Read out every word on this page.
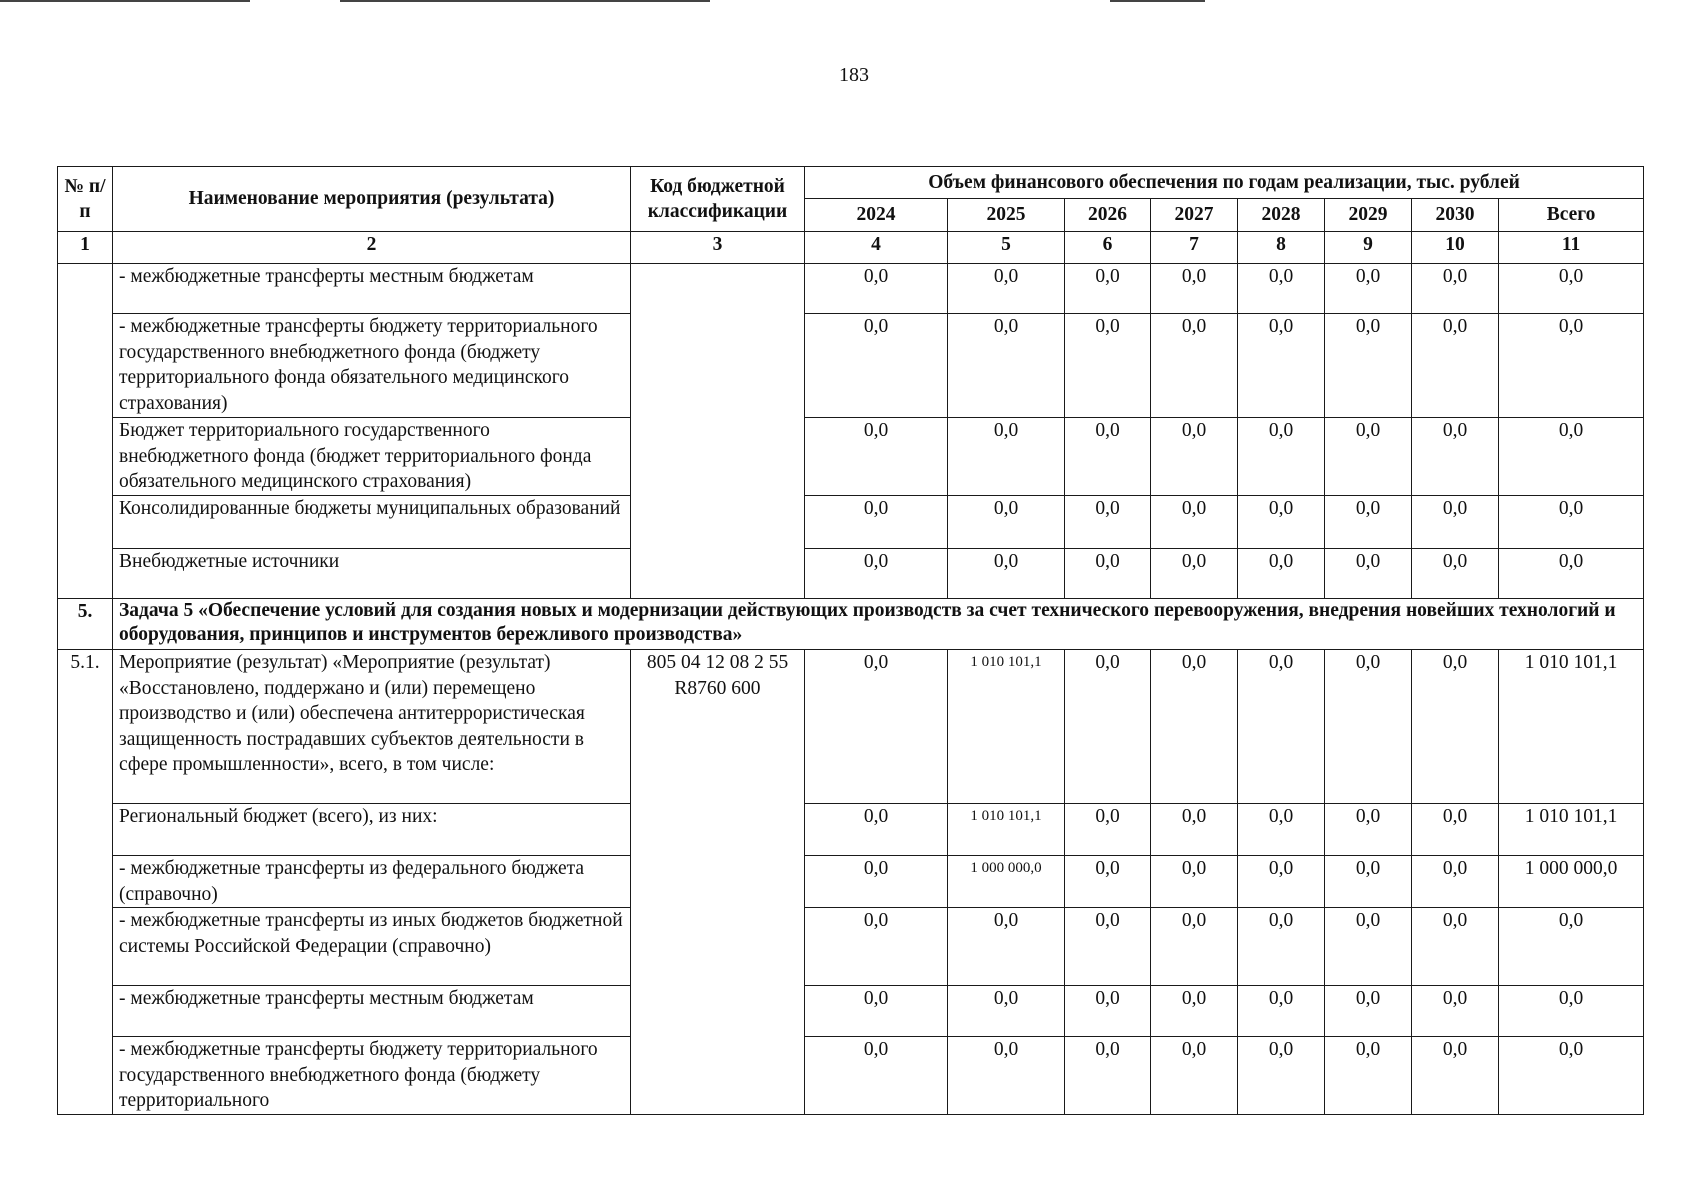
183
№ п/п	Наименование мероприятия (результата)	Код бюджетной классификации	Объем финансового обеспечения по годам реализации, тыс. рублей							
			2024	2025	2026	2027	2028	2029	2030	Всего
1	2	3	4	5	6	7	8	9	10	11
	- межбюджетные трансферты местным бюджетам		0,0	0,0	0,0	0,0	0,0	0,0	0,0	0,0
	- межбюджетные трансферты бюджету территориального государственного внебюджетного фонда (бюджету территориального фонда обязательного медицинского страхования)		0,0	0,0	0,0	0,0	0,0	0,0	0,0	0,0
	Бюджет территориального государственного внебюджетного фонда (бюджет территориального фонда обязательного медицинского страхования)		0,0	0,0	0,0	0,0	0,0	0,0	0,0	0,0
	Консолидированные бюджеты муниципальных образований		0,0	0,0	0,0	0,0	0,0	0,0	0,0	0,0
	Внебюджетные источники		0,0	0,0	0,0	0,0	0,0	0,0	0,0	0,0
5.	Задача 5 «Обеспечение условий для создания новых и модернизации действующих производств за счет технического перевооружения, внедрения новейших технологий и оборудования, принципов и инструментов бережливого производства»									
5.1.	Мероприятие (результат) «Мероприятие (результат) «Восстановлено, поддержано и (или) перемещено производство и (или) обеспечена антитеррористическая защищенность пострадавших субъектов деятельности в сфере промышленности», всего, в том числе:	805 04 12 08 2 55 R8760 600	0,0	1 010 101,1	0,0	0,0	0,0	0,0	0,0	1 010 101,1
	Региональный бюджет (всего), из них:		0,0	1 010 101,1	0,0	0,0	0,0	0,0	0,0	1 010 101,1
	- межбюджетные трансферты из федерального бюджета (справочно)		0,0	1 000 000,0	0,0	0,0	0,0	0,0	0,0	1 000 000,0
	- межбюджетные трансферты из иных бюджетов бюджетной системы Российской Федерации (справочно)		0,0	0,0	0,0	0,0	0,0	0,0	0,0	0,0
	- межбюджетные трансферты местным бюджетам		0,0	0,0	0,0	0,0	0,0	0,0	0,0	0,0
	- межбюджетные трансферты бюджету территориального государственного внебюджетного фонда (бюджету территориального		0,0	0,0	0,0	0,0	0,0	0,0	0,0	0,0
